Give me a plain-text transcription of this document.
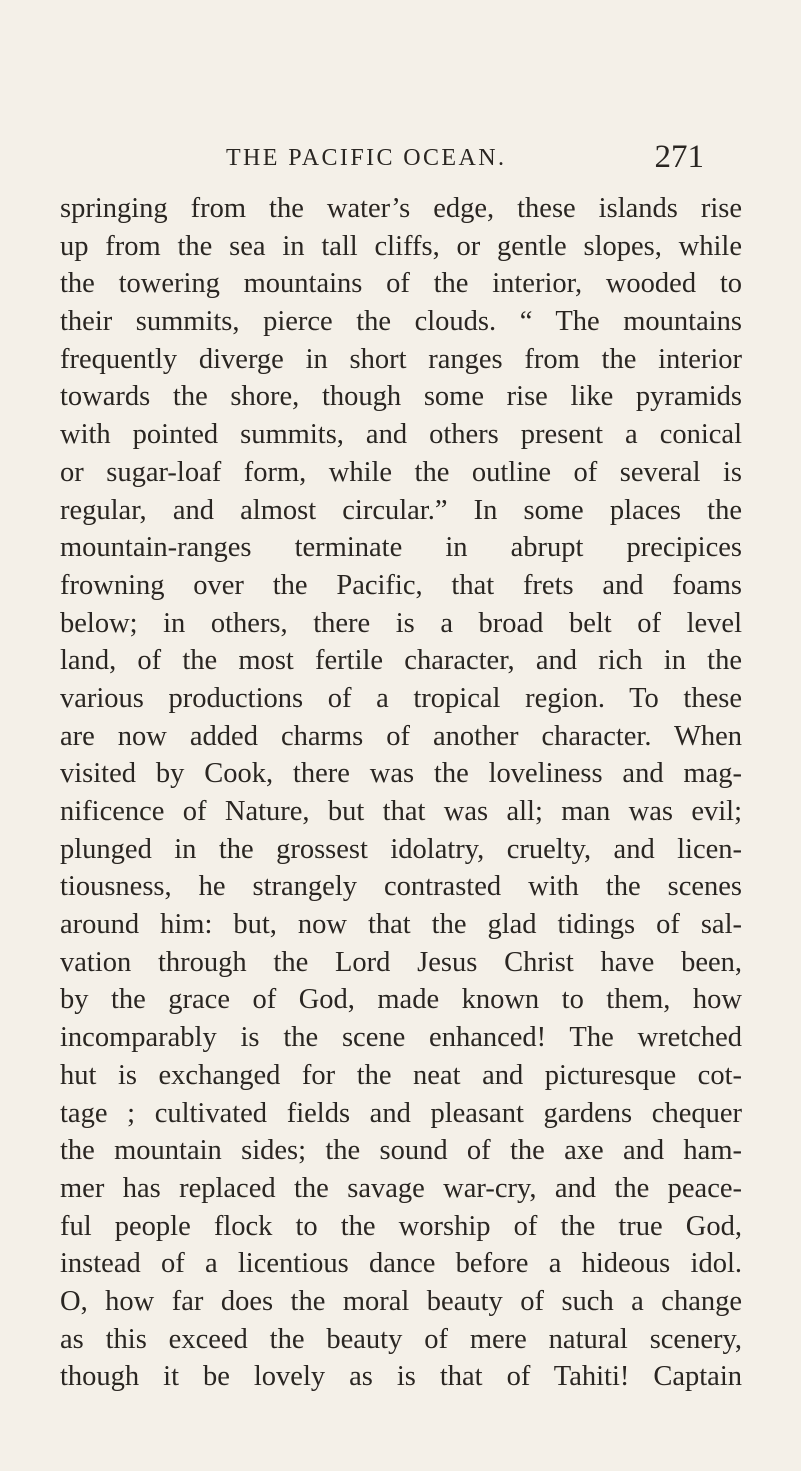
THE PACIFIC OCEAN.	271
springing from the water’s edge, these islands rise
up from the sea in tall cliffs, or gentle slopes, while
the towering mountains of the interior, wooded to
their summits, pierce the clouds. “ The mountains
frequently diverge in short ranges from the interior
towards the shore, though some rise like pyramids
with pointed summits, and others present a conical
or sugar-loaf form, while the outline of several is
regular, and almost circular.” In some places the
mountain-ranges terminate in abrupt precipices
frowning over the Pacific, that frets and foams
below; in others, there is a broad belt of level
land, of the most fertile character, and rich in the
various productions of a tropical region. To these
are now added charms of another character. When
visited by Cook, there was the loveliness and mag-
nificence of Nature, but that was all; man was evil;
plunged in the grossest idolatry, cruelty, and licen-
tiousness, he strangely contrasted with the scenes
around him: but, now that the glad tidings of sal-
vation through the Lord Jesus Christ have been,
by the grace of God, made known to them, how
incomparably is the scene enhanced! The wretched
hut is exchanged for the neat and picturesque cot-
tage ; cultivated fields and pleasant gardens chequer
the mountain sides; the sound of the axe and ham-
mer has replaced the savage war-cry, and the peace-
ful people flock to the worship of the true God,
instead of a licentious dance before a hideous idol.
O, how far does the moral beauty of such a change
as this exceed the beauty of mere natural scenery,
though it be lovely as is that of Tahiti! Captain
